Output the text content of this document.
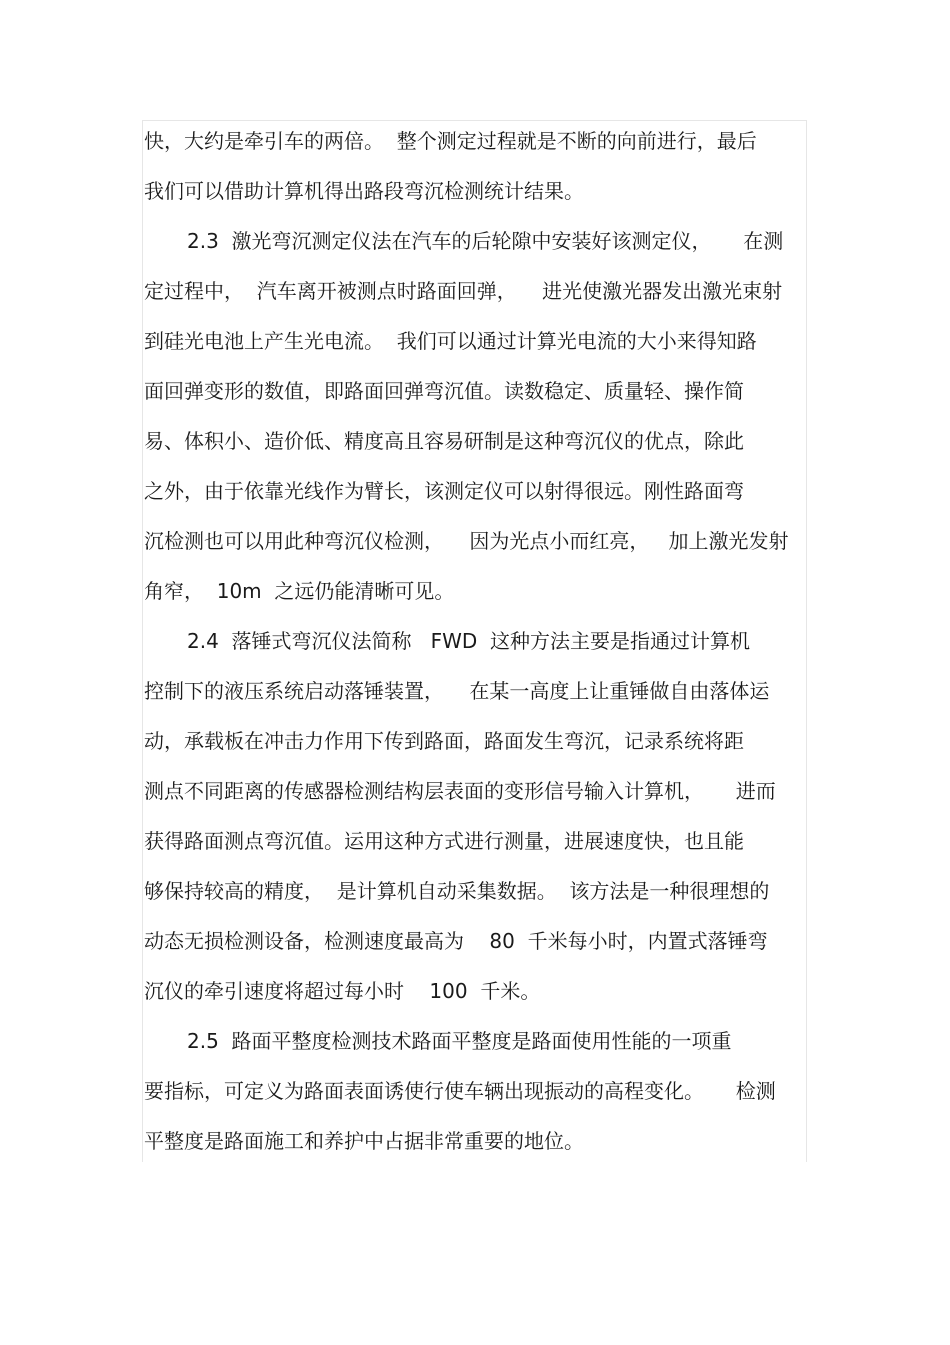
快，大约是牵引车的两倍。  整个测定过程就是不断的向前进行，最后
我们可以借助计算机得出路段弯沉检测统计结果。
2.3  激光弯沉测定仪法在汽车的后轮隙中安装好该测定仪，     在测
定过程中，  汽车离开被测点时路面回弹，    进光使激光器发出激光束射
到硅光电池上产生光电流。  我们可以通过计算光电流的大小来得知路
面回弹变形的数值，即路面回弹弯沉值。读数稳定、质量轻、操作简
易、体积小、造价低、精度高且容易研制是这种弯沉仪的优点，除此
之外，由于依靠光线作为臂长，该测定仪可以射得很远。刚性路面弯
沉检测也可以用此种弯沉仪检测，    因为光点小而红亮，   加上激光发射
角窄，  10m  之远仍能清晰可见。
2.4  落锤式弯沉仪法简称   FWD  这种方法主要是指通过计算机
控制下的液压系统启动落锤装置，    在某一高度上让重锤做自由落体运
动，承载板在冲击力作用下传到路面，路面发生弯沉，记录系统将距
测点不同距离的传感器检测结构层表面的变形信号输入计算机，     进而
获得路面测点弯沉值。运用这种方式进行测量，进展速度快，也且能
够保持较高的精度，  是计算机自动采集数据。  该方法是一种很理想的
动态无损检测设备，检测速度最高为    80  千米每小时，内置式落锤弯
沉仪的牵引速度将超过每小时    100  千米。
2.5  路面平整度检测技术路面平整度是路面使用性能的一项重
要指标，可定义为路面表面诱使行使车辆出现振动的高程变化。     检测
平整度是路面施工和养护中占据非常重要的地位。
